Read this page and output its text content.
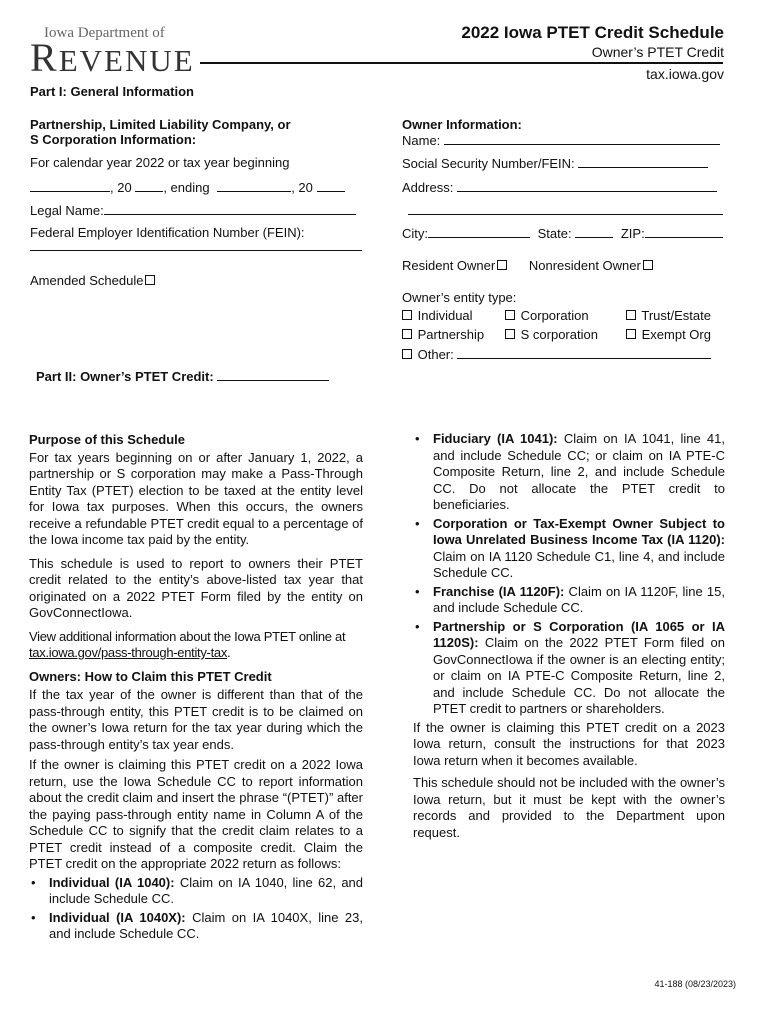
Iowa Department of
REVENUE
2022 Iowa PTET Credit Schedule
Owner’s PTET Credit
tax.iowa.gov
Part I: General Information
Partnership, Limited Liability Company, or
S Corporation Information:
For calendar year 2022 or tax year beginning
, 20 , ending	, 20
Legal Name:
Federal Employer Identification Number (FEIN):
Amended Schedule
Owner Information:
Name:
Social Security Number/FEIN:
Address:
City:	State:	ZIP:
Resident Owner	Nonresident Owner
Owner’s entity type:
Individual	Corporation	Trust/Estate
Partnership	S corporation	Exempt Org
Other:
Part II: Owner’s PTET Credit:

Purpose of this Schedule

For tax years beginning on or after January 1, 2022, a partnership or S corporation may make a Pass-Through Entity Tax (PTET) election to be taxed at the entity level for Iowa tax purposes. When this occurs, the owners receive a refundable PTET credit equal to a percentage of the Iowa income tax paid by the entity.

This schedule is used to report to owners their PTET credit related to the entity’s above-listed tax year that originated on a 2022 PTET Form filed by the entity on GovConnectIowa.

View additional information about the Iowa PTET online at tax.iowa.gov/pass-through-entity-tax.

Owners: How to Claim this PTET Credit

If the tax year of the owner is different than that of the pass-through entity, this PTET credit is to be claimed on the owner’s Iowa return for the tax year during which the pass-through entity’s tax year ends.

If the owner is claiming this PTET credit on a 2022 Iowa return, use the Iowa Schedule CC to report information about the credit claim and insert the phrase “(PTET)” after the paying pass-through entity name in Column A of the Schedule CC to signify that the credit claim relates to a PTET credit instead of a composite credit. Claim the PTET credit on the appropriate 2022 return as follows:

• Individual (IA 1040): Claim on IA 1040, line 62, and include Schedule CC.

• Individual (IA 1040X): Claim on IA 1040X, line 23, and include Schedule CC.

• Fiduciary (IA 1041): Claim on IA 1041, line 41, and include Schedule CC; or claim on IA PTE-C Composite Return, line 2, and include Schedule CC. Do not allocate the PTET credit to beneficiaries.

• Corporation or Tax-Exempt Owner Subject to Iowa Unrelated Business Income Tax (IA 1120): Claim on IA 1120 Schedule C1, line 4, and include Schedule CC.

• Franchise (IA 1120F): Claim on IA 1120F, line 15, and include Schedule CC.

• Partnership or S Corporation (IA 1065 or IA 1120S): Claim on the 2022 PTET Form filed on GovConnectIowa if the owner is an electing entity; or claim on IA PTE-C Composite Return, line 2, and include Schedule CC. Do not allocate the PTET credit to partners or shareholders.

If the owner is claiming this PTET credit on a 2023 Iowa return, consult the instructions for that 2023 Iowa return when it becomes available.

This schedule should not be included with the owner’s Iowa return, but it must be kept with the owner’s records and provided to the Department upon request.

41-188 (08/23/2023)
